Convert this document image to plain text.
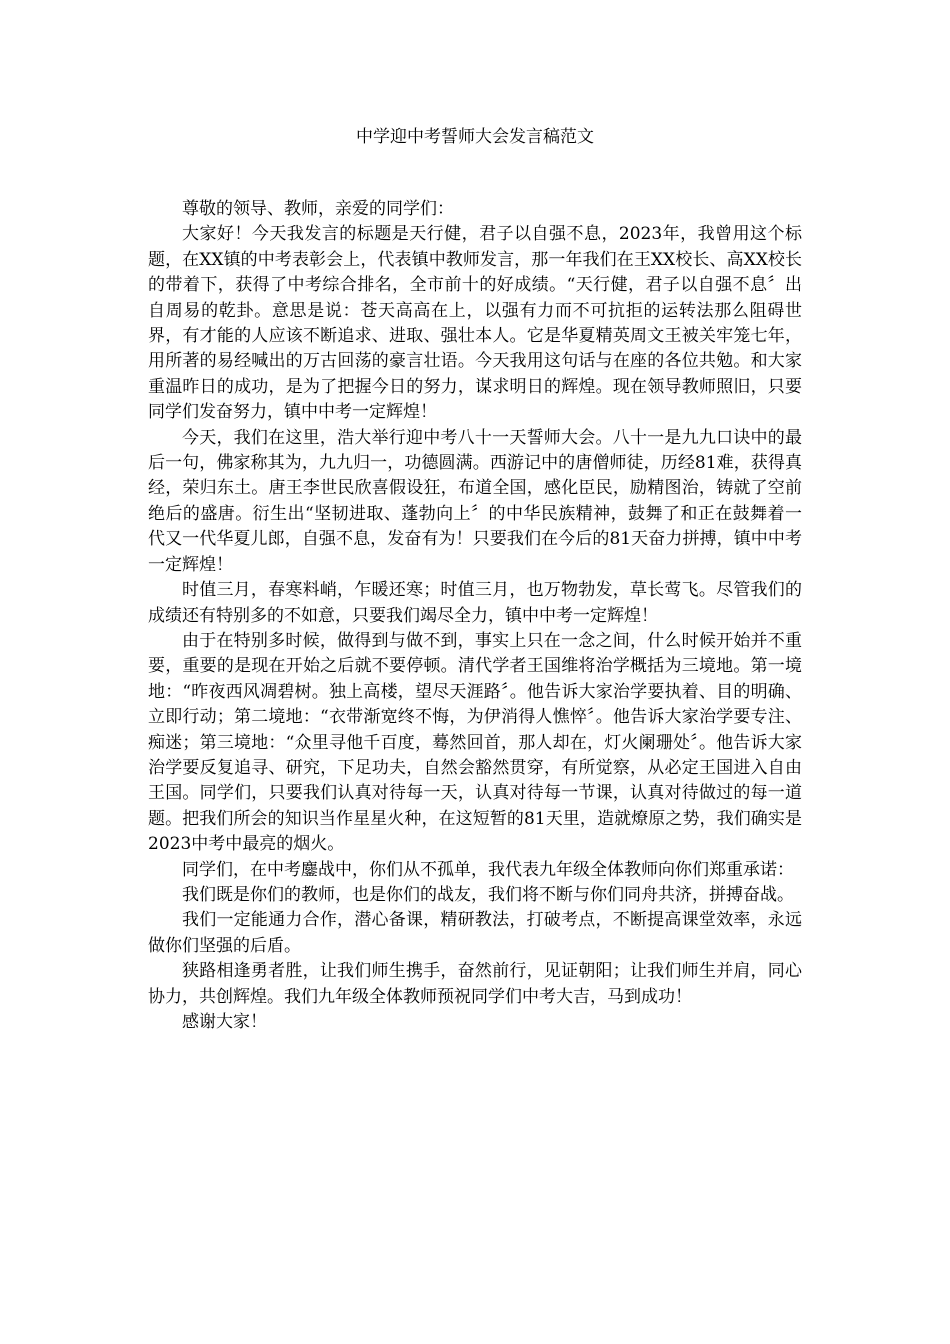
中学迎中考誓师大会发言稿范文

尊敬的领导、教师，亲爱的同学们：

大家好！今天我发言的标题是天行健，君子以自强不息，2023年，我曾用这个标题，在XX镇的中考表彰会上，代表镇中教师发言，那一年我们在王XX校长、高XX校长的带着下，获得了中考综合排名，全市前十的好成绩。“天行健，君子以自强不息〞出自周易的乾卦。意思是说：苍天高高在上，以强有力而不可抗拒的运转法那么阻碍世界，有才能的人应该不断追求、进取、强壮本人。它是华夏精英周文王被关牢笼七年，用所著的易经喊出的万古回荡的豪言壮语。今天我用这句话与在座的各位共勉。和大家重温昨日的成功，是为了把握今日的努力，谋求明日的辉煌。现在领导教师照旧，只要同学们发奋努力，镇中中考一定辉煌！

今天，我们在这里，浩大举行迎中考八十一天誓师大会。八十一是九九口诀中的最后一句，佛家称其为，九九归一，功德圆满。西游记中的唐僧师徒，历经81难，获得真经，荣归东土。唐王李世民欣喜假设狂，布道全国，感化臣民，励精图治，铸就了空前绝后的盛唐。衍生出“坚韧进取、蓬勃向上〞的中华民族精神，鼓舞了和正在鼓舞着一代又一代华夏儿郎，自强不息，发奋有为！只要我们在今后的81天奋力拼搏，镇中中考一定辉煌！

时值三月，春寒料峭，乍暖还寒；时值三月，也万物勃发，草长莺飞。尽管我们的成绩还有特别多的不如意，只要我们竭尽全力，镇中中考一定辉煌！

由于在特别多时候，做得到与做不到，事实上只在一念之间，什么时候开始并不重要，重要的是现在开始之后就不要停顿。清代学者王国维将治学概括为三境地。第一境地：“昨夜西风凋碧树。独上高楼，望尽天涯路〞。他告诉大家治学要执着、目的明确、立即行动；第二境地：“衣带渐宽终不悔，为伊消得人憔悴〞。他告诉大家治学要专注、痴迷；第三境地：“众里寻他千百度，蓦然回首，那人却在，灯火阑珊处〞。他告诉大家治学要反复追寻、研究，下足功夫，自然会豁然贯穿，有所觉察，从必定王国进入自由王国。同学们，只要我们认真对待每一天，认真对待每一节课，认真对待做过的每一道题。把我们所会的知识当作星星火种，在这短暂的81天里，造就燎原之势，我们确实是2023中考中最亮的烟火。

同学们，在中考鏖战中，你们从不孤单，我代表九年级全体教师向你们郑重承诺：

我们既是你们的教师，也是你们的战友，我们将不断与你们同舟共济，拼搏奋战。

我们一定能通力合作，潜心备课，精研教法，打破考点，不断提高课堂效率，永远做你们坚强的后盾。

狭路相逢勇者胜，让我们师生携手，奋然前行，见证朝阳；让我们师生并肩，同心协力，共创辉煌。我们九年级全体教师预祝同学们中考大吉，马到成功！

感谢大家！
